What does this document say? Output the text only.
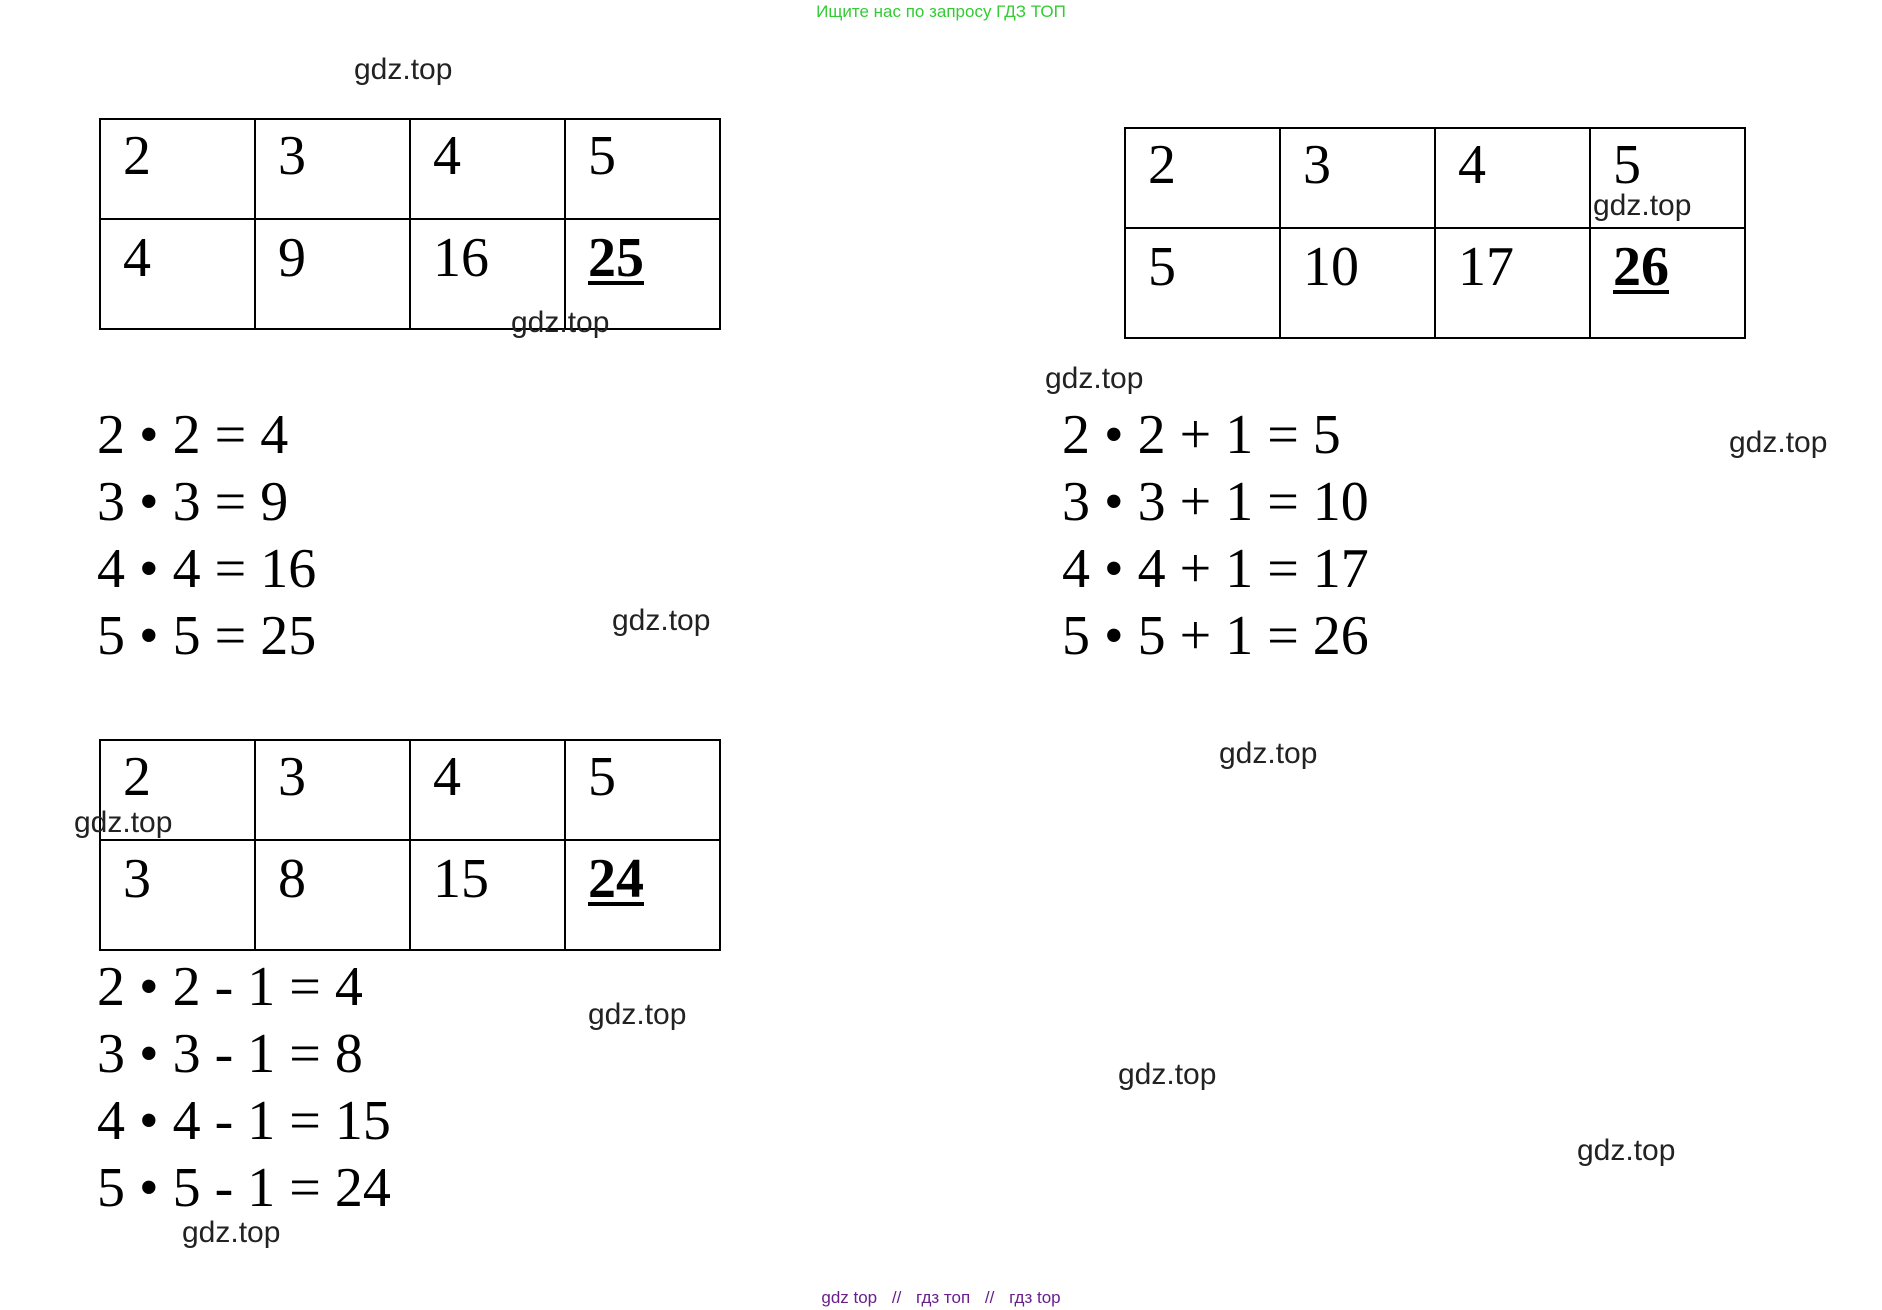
Ищите нас по запросу ГДЗ ТОП
2	3	4	5
4	9	16	25
2	3	4	5
5	10	17	26
2	3	4	5
3	8	15	24
2 • 2 = 4
3 • 3 = 9
4 • 4 = 16
5 • 5 = 25
2 • 2 + 1 = 5
3 • 3 + 1 = 10
4 • 4 + 1 = 17
5 • 5 + 1 = 26
2 • 2 - 1 = 4
3 • 3 - 1 = 8
4 • 4 - 1 = 15
5 • 5 - 1 = 24
gdz.top
gdz.top
gdz.top
gdz.top
gdz.top
gdz.top
gdz.top
gdz.top
gdz.top
gdz.top
gdz.top
gdz.top
gdz top // гдз топ // гдз top
